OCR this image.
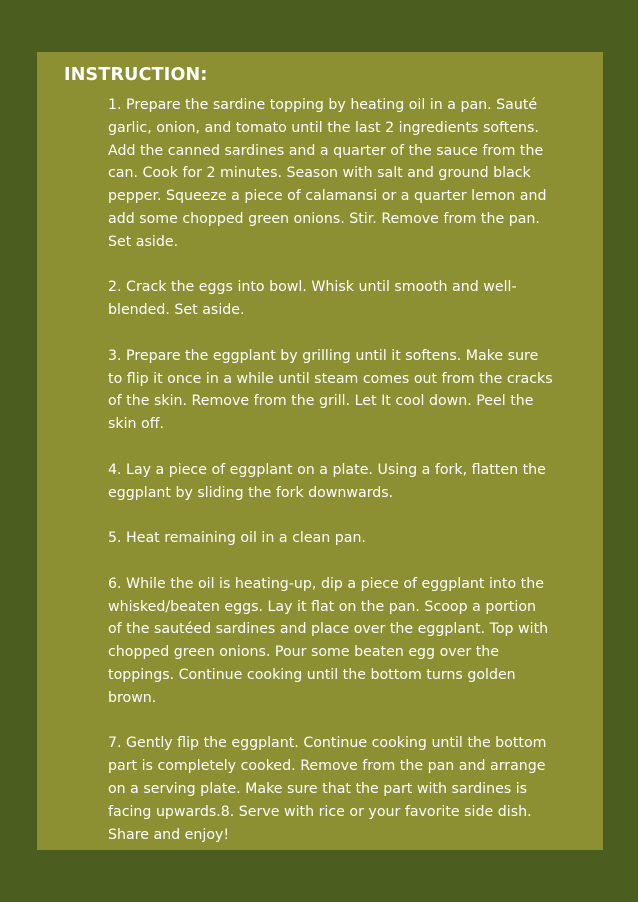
INSTRUCTION:
1. Prepare the sardine topping by heating oil in a pan. Sauté garlic, onion, and tomato until the last 2 ingredients softens. Add the canned sardines and a quarter of the sauce from the can. Cook for 2 minutes. Season with salt and ground black pepper. Squeeze a piece of calamansi or a quarter lemon and add some chopped green onions. Stir. Remove from the pan. Set aside.
2. Crack the eggs into bowl. Whisk until smooth and well-blended. Set aside.
3. Prepare the eggplant by grilling until it softens. Make sure to flip it once in a while until steam comes out from the cracks of the skin. Remove from the grill. Let It cool down. Peel the skin off.
4. Lay a piece of eggplant on a plate. Using a fork, flatten the eggplant by sliding the fork downwards.
5. Heat remaining oil in a clean pan.
6. While the oil is heating-up, dip a piece of eggplant into the whisked/beaten eggs. Lay it flat on the pan. Scoop a portion of the sautéed sardines and place over the eggplant. Top with chopped green onions. Pour some beaten egg over the toppings. Continue cooking until the bottom turns golden brown.
7. Gently flip the eggplant. Continue cooking until the bottom part is completely cooked. Remove from the pan and arrange on a serving plate. Make sure that the part with sardines is facing upwards.8. Serve with rice or your favorite side dish. Share and enjoy!
